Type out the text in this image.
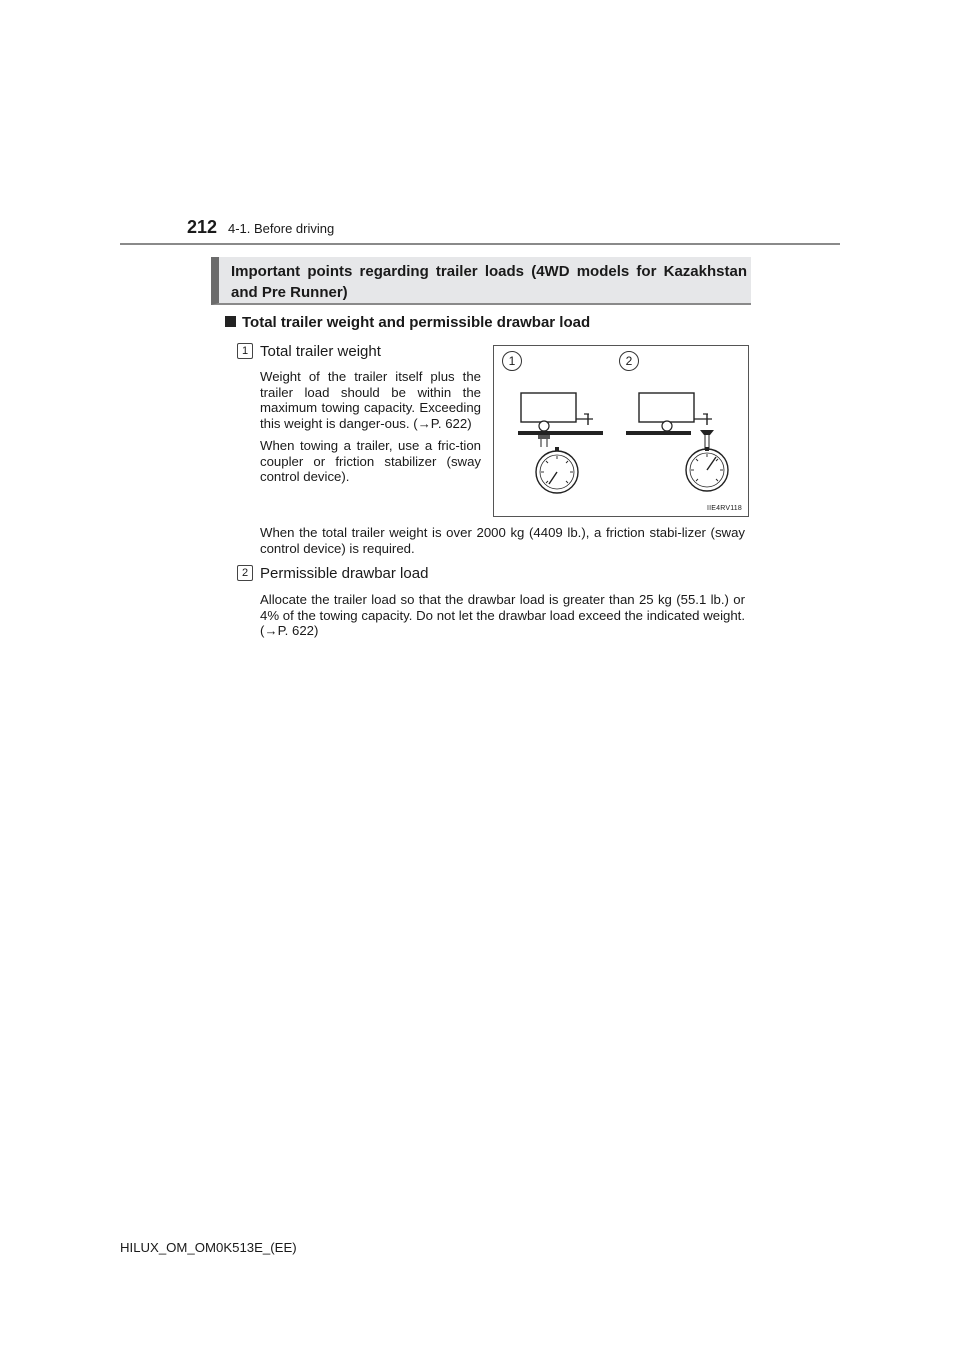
212 4-1. Before driving
Important points regarding trailer loads (4WD models for Kazakhstan and Pre Runner)
Total trailer weight and permissible drawbar load
1 Total trailer weight

Weight of the trailer itself plus the trailer load should be within the maximum towing capacity. Exceeding this weight is danger-ous. (→P. 622)

When towing a trailer, use a fric-tion coupler or friction stabilizer (sway control device).

When the total trailer weight is over 2000 kg (4409 lb.), a friction stabi-lizer (sway control device) is required.

2 Permissible drawbar load

Allocate the trailer load so that the drawbar load is greater than 25 kg (55.1 lb.) or 4% of the towing capacity. Do not let the drawbar load exceed the indicated weight. (→P. 622)

1	2
IIE4RV118
HILUX_OM_OM0K513E_(EE)
